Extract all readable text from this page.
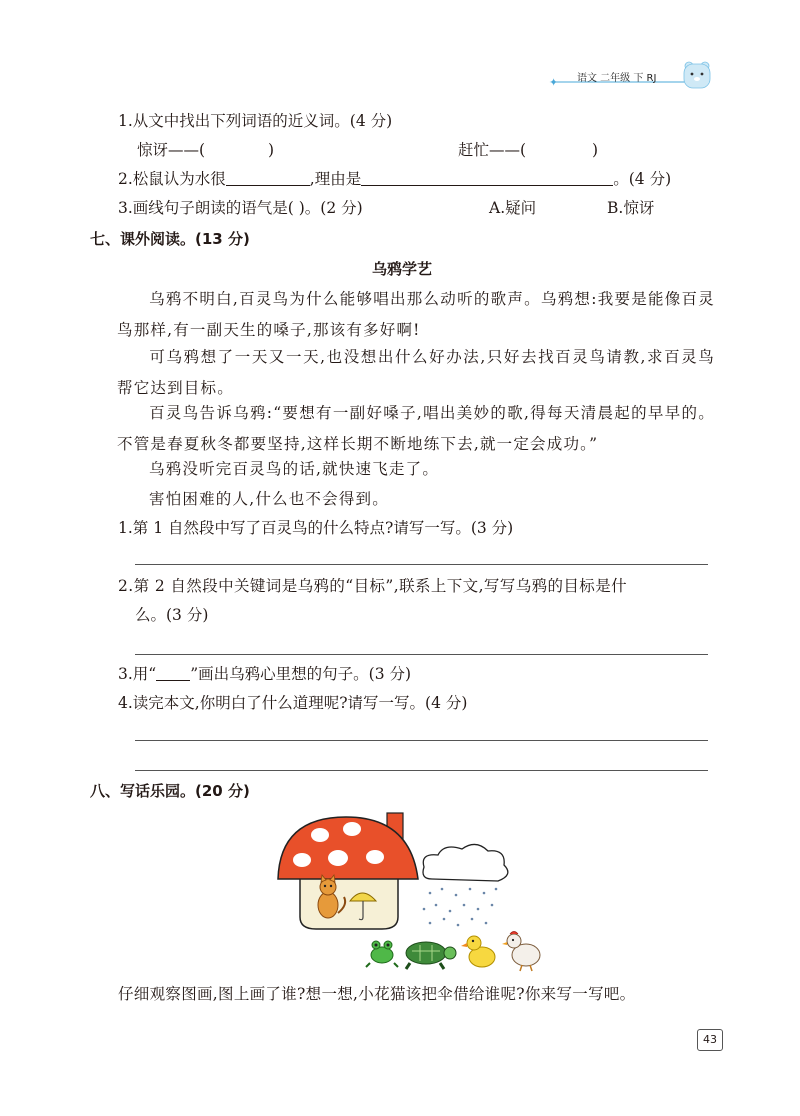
✦ 语文 二年级 下 RJ
1.从文中找出下列词语的近义词。(4 分)
惊讶——(	)	赶忙——(	)
2.松鼠认为水很	,理由是	。(4 分)
3.画线句子朗读的语气是( )。(2 分)	A.疑问	B.惊讶
七、课外阅读。(13 分)
乌鸦学艺
乌鸦不明白,百灵鸟为什么能够唱出那么动听的歌声。乌鸦想:我要是能像百灵鸟那样,有一副天生的嗓子,那该有多好啊!
可乌鸦想了一天又一天,也没想出什么好办法,只好去找百灵鸟请教,求百灵鸟帮它达到目标。
百灵鸟告诉乌鸦:“要想有一副好嗓子,唱出美妙的歌,得每天清晨起的早早的。不管是春夏秋冬都要坚持,这样长期不断地练下去,就一定会成功。”
乌鸦没听完百灵鸟的话,就快速飞走了。
害怕困难的人,什么也不会得到。
1.第 1 自然段中写了百灵鸟的什么特点?请写一写。(3 分)
2.第 2 自然段中关键词是乌鸦的“目标”,联系上下文,写写乌鸦的目标是什
么。(3 分)
3.用“ ”画出乌鸦心里想的句子。(3 分)
4.读完本文,你明白了什么道理呢?请写一写。(4 分)
八、写话乐园。(20 分)
仔细观察图画,图上画了谁?想一想,小花猫该把伞借给谁呢?你来写一写吧。
43
